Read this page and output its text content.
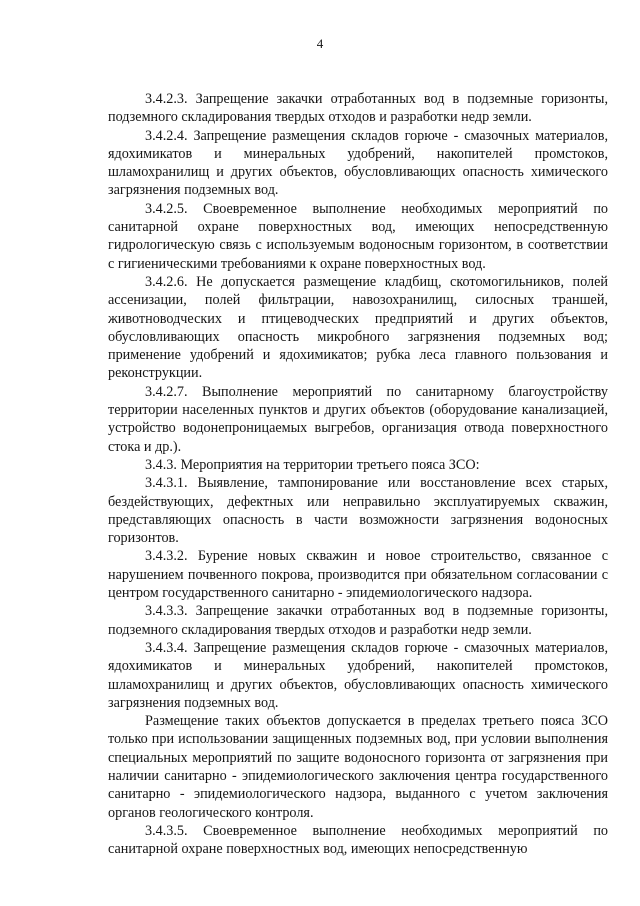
4

3.4.2.3. Запрещение закачки отработанных вод в подземные горизонты, подземного складирования твердых отходов и разработки недр земли.

3.4.2.4. Запрещение размещения складов горюче - смазочных материалов, ядохимикатов и минеральных удобрений, накопителей промстоков, шламохранилищ и других объектов, обусловливающих опасность химического загрязнения подземных вод.

3.4.2.5. Своевременное выполнение необходимых мероприятий по санитарной охране поверхностных вод, имеющих непосредственную гидрологическую связь с используемым водоносным горизонтом, в соответствии с гигиеническими требованиями к охране поверхностных вод.

3.4.2.6. Не допускается размещение кладбищ, скотомогильников, полей ассенизации, полей фильтрации, навозохранилищ, силосных траншей, животноводческих и птицеводческих предприятий и других объектов, обусловливающих опасность микробного загрязнения подземных вод; применение удобрений и ядохимикатов; рубка леса главного пользования и реконструкции.

3.4.2.7. Выполнение мероприятий по санитарному благоустройству территории населенных пунктов и других объектов (оборудование канализацией, устройство водонепроницаемых выгребов, организация отвода поверхностного стока и др.).

3.4.3. Мероприятия на территории третьего пояса ЗСО:

3.4.3.1. Выявление, тампонирование или восстановление всех старых, бездействующих, дефектных или неправильно эксплуатируемых скважин, представляющих опасность в части возможности загрязнения водоносных горизонтов.

3.4.3.2. Бурение новых скважин и новое строительство, связанное с нарушением почвенного покрова, производится при обязательном согласовании с центром государственного санитарно - эпидемиологического надзора.

3.4.3.3. Запрещение закачки отработанных вод в подземные горизонты, подземного складирования твердых отходов и разработки недр земли.

3.4.3.4. Запрещение размещения складов горюче - смазочных материалов, ядохимикатов и минеральных удобрений, накопителей промстоков, шламохранилищ и других объектов, обусловливающих опасность химического загрязнения подземных вод.

Размещение таких объектов допускается в пределах третьего пояса ЗСО только при использовании защищенных подземных вод, при условии выполнения специальных мероприятий по защите водоносного горизонта от загрязнения при наличии санитарно - эпидемиологического заключения центра государственного санитарно - эпидемиологического надзора, выданного с учетом заключения органов геологического контроля.

3.4.3.5. Своевременное выполнение необходимых мероприятий по санитарной охране поверхностных вод, имеющих непосредственную
